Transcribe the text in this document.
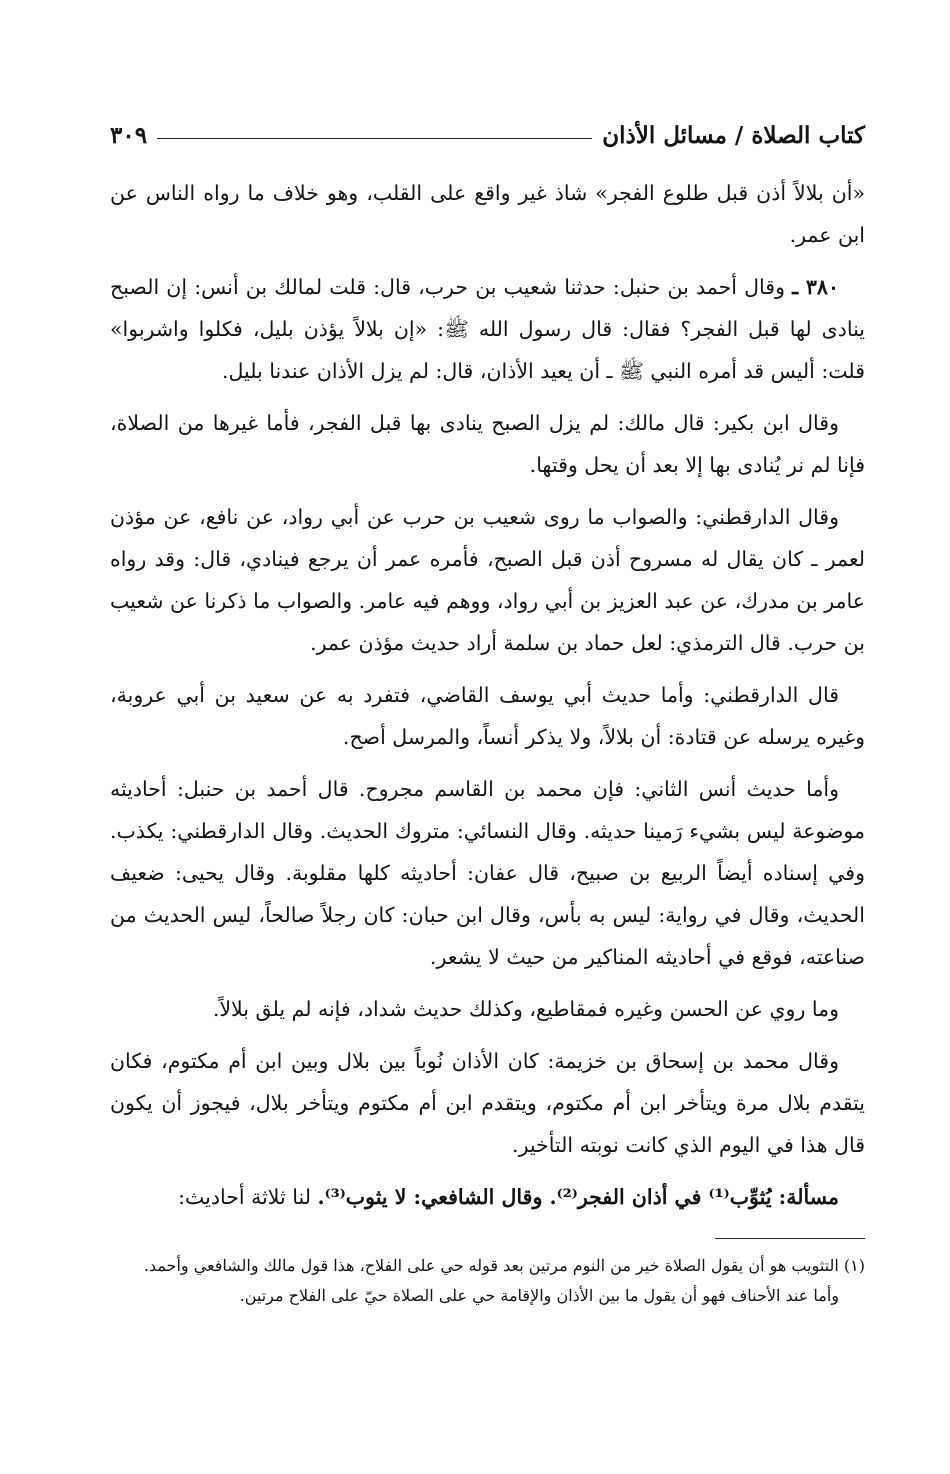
كتاب الصلاة / مسائل الأذان
٣٠٩

«أن بلالاً أذن قبل طلوع الفجر» شاذ غير واقع على القلب، وهو خلاف ما رواه الناس عن ابن عمر.

٣٨٠ ـ وقال أحمد بن حنبل: حدثنا شعيب بن حرب، قال: قلت لمالك بن أنس: إن الصبح ينادى لها قبل الفجر؟ فقال: قال رسول الله ﷺ: «إن بلالاً يؤذن بليل، فكلوا واشربوا» قلت: أليس قد أمره النبي ﷺ ـ أن يعيد الأذان، قال: لم يزل الأذان عندنا بليل.

وقال ابن بكير: قال مالك: لم يزل الصبح ينادى بها قبل الفجر، فأما غيرها من الصلاة، فإنا لم نر يُنادى بها إلا بعد أن يحل وقتها.

وقال الدارقطني: والصواب ما روى شعيب بن حرب عن أبي رواد، عن نافع، عن مؤذن لعمر ـ كان يقال له مسروح أذن قبل الصبح، فأمره عمر أن يرجع فينادي، قال: وقد رواه عامر بن مدرك، عن عبد العزيز بن أبي رواد، ووهم فيه عامر. والصواب ما ذكرنا عن شعيب بن حرب. قال الترمذي: لعل حماد بن سلمة أراد حديث مؤذن عمر.

قال الدارقطني: وأما حديث أبي يوسف القاضي، فتفرد به عن سعيد بن أبي عروبة، وغيره يرسله عن قتادة: أن بلالاً، ولا يذكر أنساً، والمرسل أصح.

وأما حديث أنس الثاني: فإن محمد بن القاسم مجروح. قال أحمد بن حنبل: أحاديثه موضوعة ليس بشيء رَمينا حديثه. وقال النسائي: متروك الحديث. وقال الدارقطني: يكذب. وفي إسناده أيضاً الربيع بن صبيح، قال عفان: أحاديثه كلها مقلوبة. وقال يحيى: ضعيف الحديث، وقال في رواية: ليس به بأس، وقال ابن حبان: كان رجلاً صالحاً، ليس الحديث من صناعته، فوقع في أحاديثه المناكير من حيث لا يشعر.

وما روي عن الحسن وغيره فمقاطيع، وكذلك حديث شداد، فإنه لم يلق بلالاً.

وقال محمد بن إسحاق بن خزيمة: كان الأذان نُوباً بين بلال وبين ابن أم مكتوم، فكان يتقدم بلال مرة ويتأخر ابن أم مكتوم، ويتقدم ابن أم مكتوم ويتأخر بلال، فيجوز أن يكون قال هذا في اليوم الذي كانت نوبته التأخير.

مسألة: يُثوِّب⁽¹⁾ في أذان الفجر⁽²⁾. وقال الشافعي: لا يثوب⁽³⁾. لنا ثلاثة أحاديث:

(١) التثويب هو أن يقول الصلاة خير من النوم مرتين بعد قوله حي على الفلاح، هذا قول مالك والشافعي وأحمد.

وأما عند الأحناف فهو أن يقول ما بين الأذان والإقامة حي على الصلاة حيّ على الفلاح مرتين.
